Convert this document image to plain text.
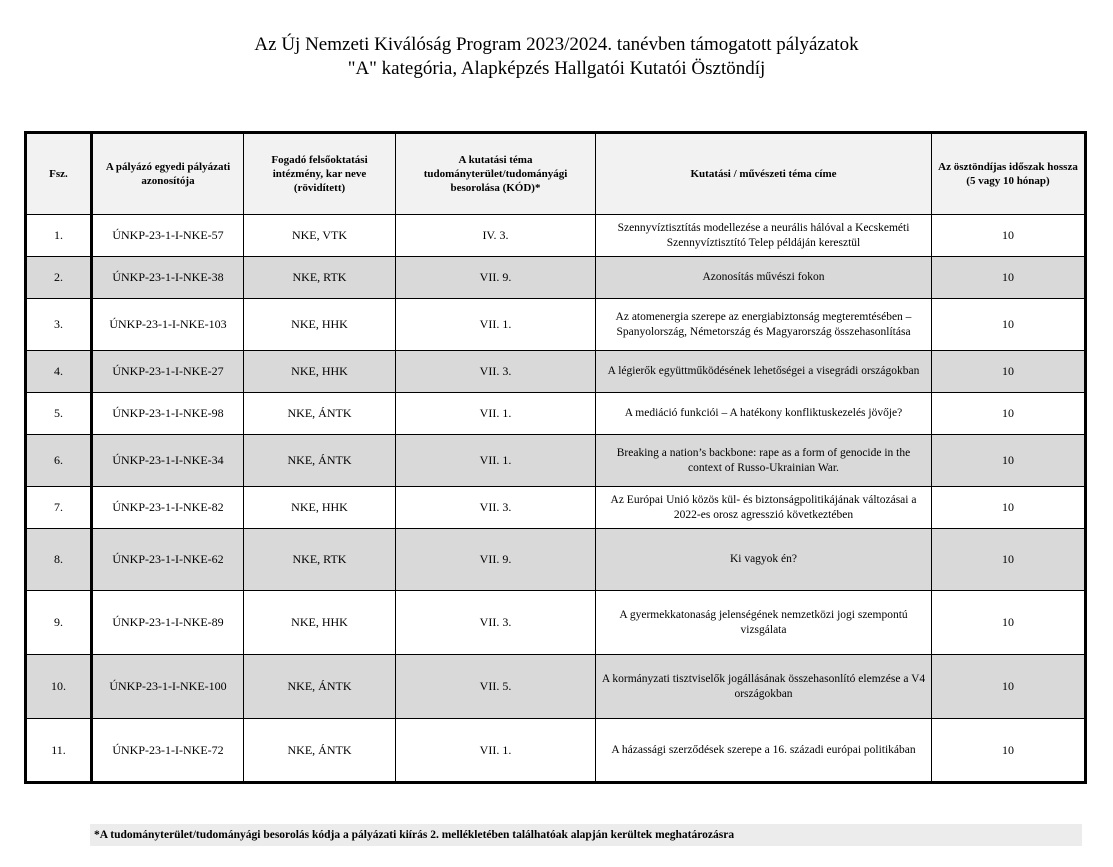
Az Új Nemzeti Kiválóság Program 2023/2024. tanévben támogatott pályázatok
"A" kategória, Alapképzés Hallgatói Kutatói Ösztöndíj
Fsz.	A pályázó egyedi pályázati azonosítója	Fogadó felsőoktatási intézmény, kar neve (rövidített)	A kutatási téma tudományterület/tudományági besorolása (KÓD)*	Kutatási / művészeti téma címe	Az ösztöndíjas időszak hossza
(5 vagy 10 hónap)

1.	ÚNKP-23-1-I-NKE-57	NKE, VTK	IV. 3.	Szennyvíztisztítás modellezése a neurális hálóval a Kecskeméti Szennyvíztisztító Telep példáján keresztül	10
2.	ÚNKP-23-1-I-NKE-38	NKE, RTK	VII. 9.	Azonosítás művészi fokon	10
3.	ÚNKP-23-1-I-NKE-103	NKE, HHK	VII. 1.	Az atomenergia szerepe az energiabiztonság megteremtésében – Spanyolország, Németország és Magyarország összehasonlítása	10
4.	ÚNKP-23-1-I-NKE-27	NKE, HHK	VII. 3.	A légierők együttműködésének lehetőségei a visegrádi országokban	10
5.	ÚNKP-23-1-I-NKE-98	NKE, ÁNTK	VII. 1.	A mediáció funkciói – A hatékony konfliktuskezelés jövője?	10
6.	ÚNKP-23-1-I-NKE-34	NKE, ÁNTK	VII. 1.	Breaking a nation’s backbone: rape as a form of genocide in the context of Russo-Ukrainian War.	10
7.	ÚNKP-23-1-I-NKE-82	NKE, HHK	VII. 3.	Az Európai Unió közös kül- és biztonságpolitikájának változásai a 2022-es orosz agresszió következtében	10
8.	ÚNKP-23-1-I-NKE-62	NKE, RTK	VII. 9.	Ki vagyok én?	10
9.	ÚNKP-23-1-I-NKE-89	NKE, HHK	VII. 3.	A gyermekkatonaság jelenségének nemzetközi jogi szempontú vizsgálata	10
10.	ÚNKP-23-1-I-NKE-100	NKE, ÁNTK	VII. 5.	A kormányzati tisztviselők jogállásának összehasonlító elemzése a V4 országokban	10
11.	ÚNKP-23-1-I-NKE-72	NKE, ÁNTK	VII. 1.	A házassági szerződések szerepe a 16. századi európai politikában	10
*A tudományterület/tudományági besorolás kódja a pályázati kiírás 2. mellékletében találhatóak alapján kerültek meghatározásra
